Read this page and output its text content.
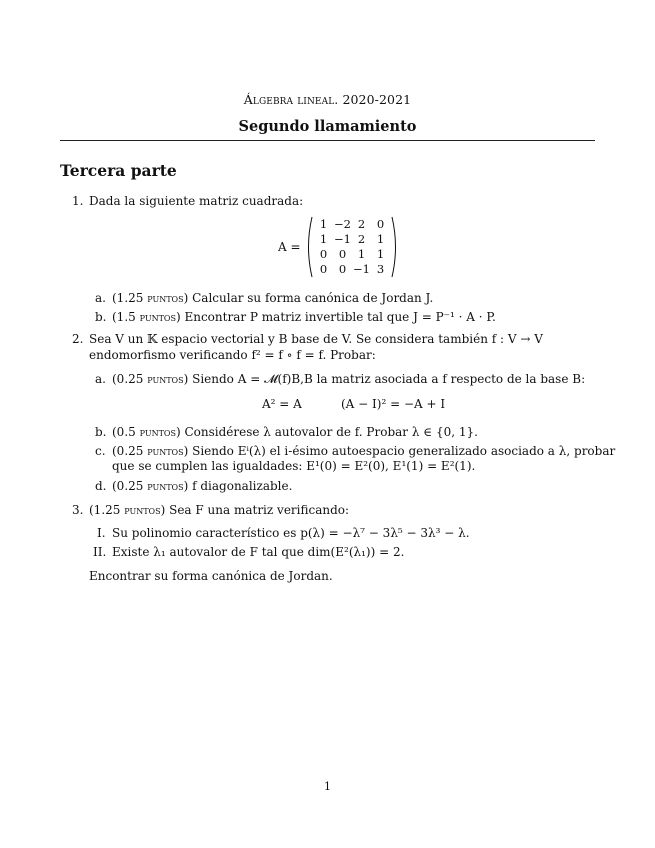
Álgebra lineal. 2020-2021
Segundo llamamiento
Tercera parte
1. Dada la siguiente matriz cuadrada:
A =
1 −2 2	0
1 −1 2	1
0	0	1	1
0	0 −1 3
a. (1.25 puntos) Calcular su forma canónica de Jordan J.
b. (1.5 puntos) Encontrar P matriz invertible tal que J = P⁻¹ · A · P.
2. Sea V un 𝕂 espacio vectorial y B base de V. Se considera también f : V → V
endomorfismo verificando f² = f ∘ f = f. Probar:
a. (0.25 puntos) Siendo A = 𝓜(f)B,B la matriz asociada a f respecto de la base B:
A² = A	(A − I)² = −A + I
b. (0.5 puntos) Considérese λ autovalor de f. Probar λ ∈ {0, 1}.
c. (0.25 puntos) Siendo Eⁱ(λ) el i-ésimo autoespacio generalizado asociado a λ, probar
que se cumplen las igualdades: E¹(0) = E²(0), E¹(1) = E²(1).
d. (0.25 puntos) f diagonalizable.
3. (1.25 puntos) Sea F una matriz verificando:
I. Su polinomio característico es p(λ) = −λ⁷ − 3λ⁵ − 3λ³ − λ.
II. Existe λ₁ autovalor de F tal que dim(E²(λ₁)) = 2.
Encontrar su forma canónica de Jordan.
1
